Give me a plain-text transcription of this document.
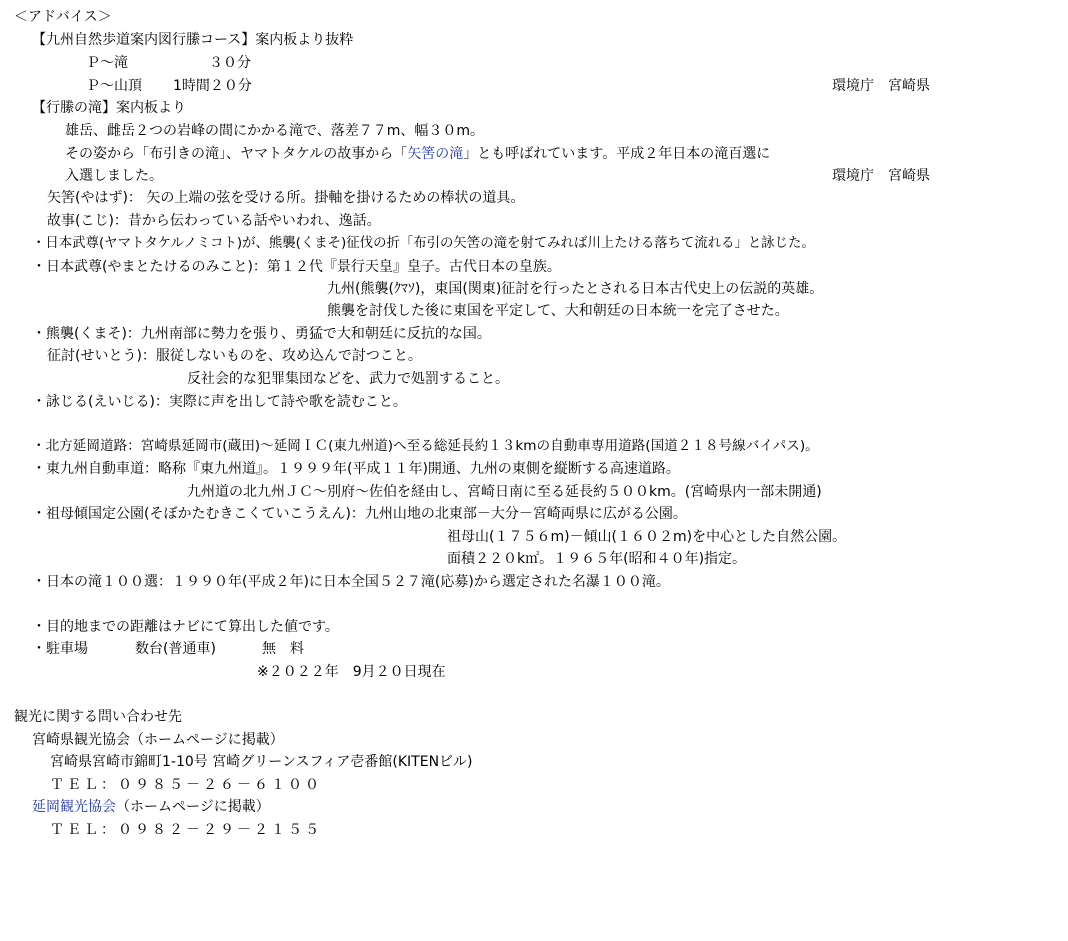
＜アドバイス＞
【九州自然歩道案内図行縢コース】案内板より抜粋
Ｐ～滝	３０分
Ｐ～山頂 1時間２０分	環境庁　宮崎県
【行縢の滝】案内板より
雄岳、雌岳２つの岩峰の間にかかる滝で、落差７７m、幅３０m。
その姿から「布引きの滝」、ヤマトタケルの故事から「矢筈の滝」とも呼ばれています。平成２年日本の滝百選に
入選しました。	環境庁　宮崎県
矢筈(やはず)： 矢の上端の弦を受ける所。掛軸を掛けるための棒状の道具。
故事(こじ)：昔から伝わっている話やいわれ、逸話。
・日本武尊(ヤマトタケルノミコト)が、熊襲(くまそ)征伐の折「布引の矢筈の滝を射てみれば川上たける落ちて流れる」と詠じた。
・日本武尊(やまとたけるのみこと)：第１２代『景行天皇』皇子。古代日本の皇族。
九州(熊襲(ｸﾏｿ)，東国(関東)征討を行ったとされる日本古代史上の伝説的英雄。
熊襲を討伐した後に東国を平定して、大和朝廷の日本統一を完了させた。
・熊襲(くまそ)：九州南部に勢力を張り、勇猛で大和朝廷に反抗的な国。
征討(せいとう)：服従しないものを、攻め込んで討つこと。
反社会的な犯罪集団などを、武力で処罰すること。
・詠じる(えいじる)：実際に声を出して詩や歌を読むこと。
・北方延岡道路：宮崎県延岡市(蔵田)～延岡ＩＣ(東九州道)へ至る総延長約１３kmの自動車専用道路(国道２１８号線バイパス)。
・東九州自動車道：略称『東九州道』。１９９９年(平成１１年)開通、九州の東側を縦断する高速道路。
九州道の北九州ＪＣ～別府～佐伯を経由し、宮崎日南に至る延長約５００km。(宮崎県内一部未開通)
・祖母傾国定公園(そぼかたむきこくていこうえん)：九州山地の北東部－大分－宮崎両県に広がる公園。
祖母山(１７５６m)－傾山(１６０２m)を中心とした自然公園。
面積２２０k㎡。１９６５年(昭和４０年)指定。
・日本の滝１００選：１９９０年(平成２年)に日本全国５２７滝(応募)から選定された名瀑１００滝。
・目的地までの距離はナビにて算出した値です。
・駐車場	数台(普通車)	無　料
※２０２２年　9月２０日現在
観光に関する問い合わせ先
宮崎県観光協会（ホームページに掲載）
宮崎県宮崎市錦町1-10号 宮崎グリーンスフィア壱番館(KITENビル)
ＴＥＬ：０９８５－２６－６１００
延岡観光協会（ホームページに掲載）
ＴＥＬ：０９８２－２９－２１５５
